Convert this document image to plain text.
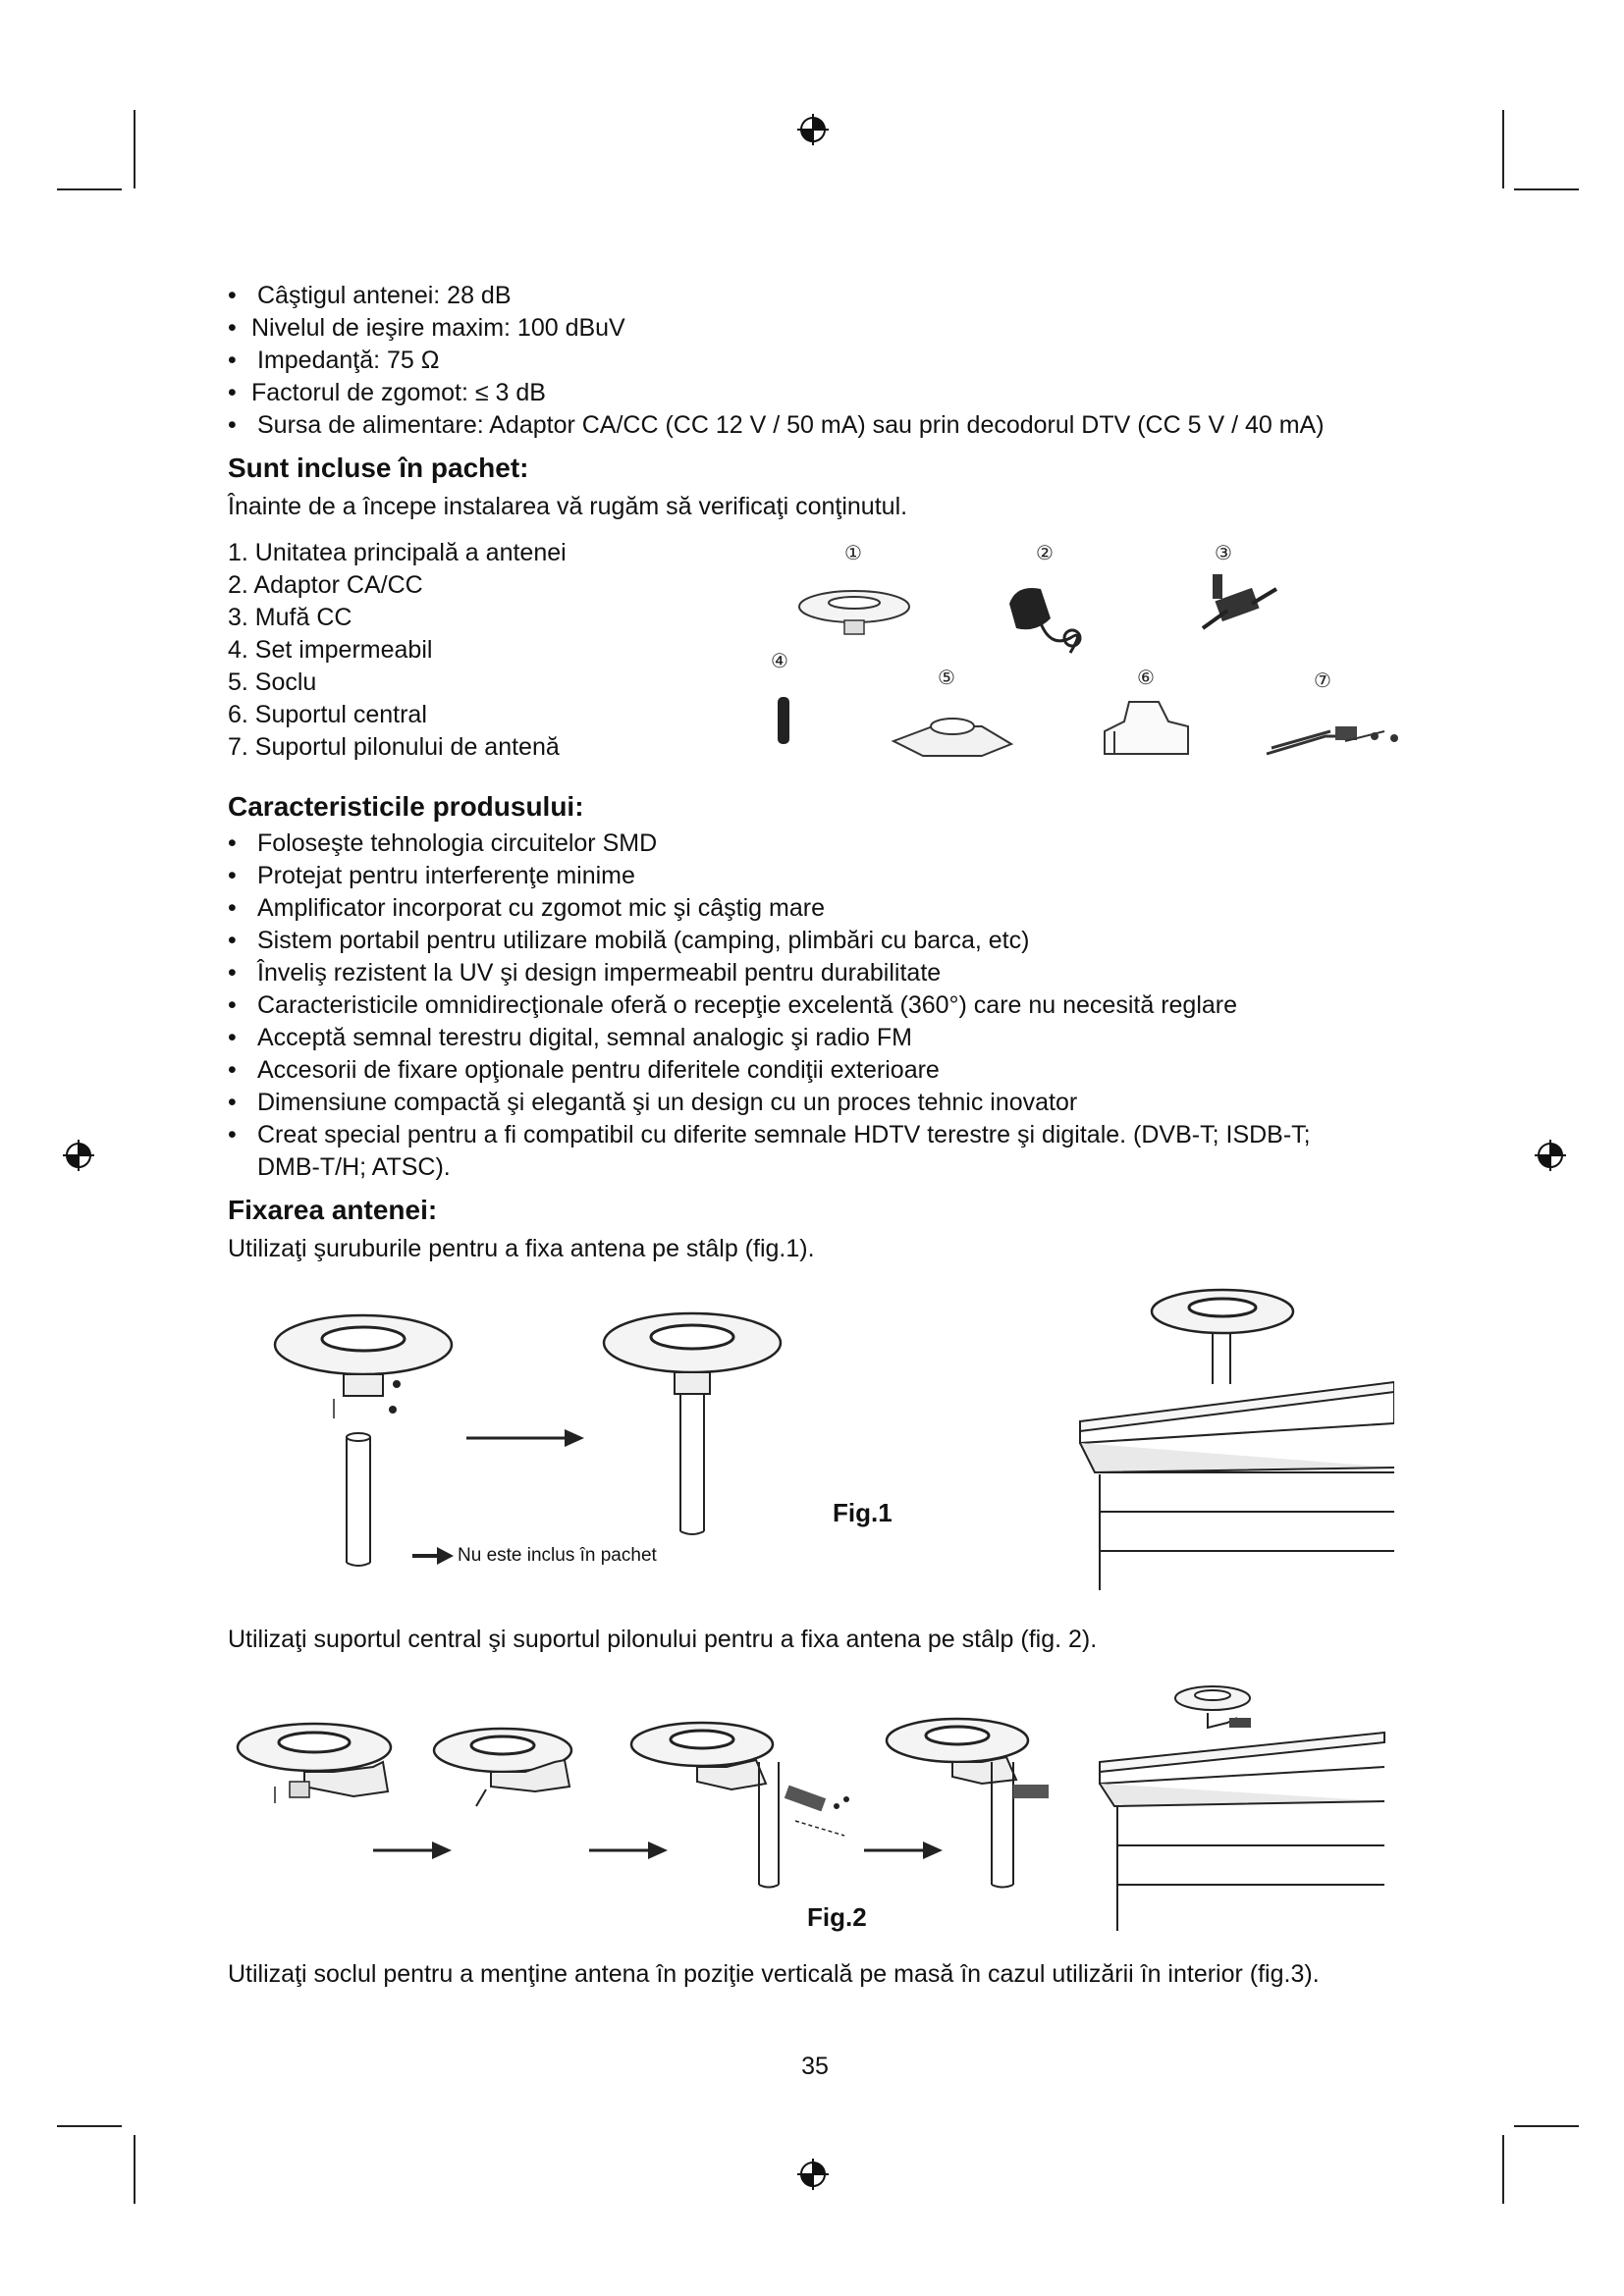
• Câştigul antenei: 28 dB
• Nivelul de ieşire maxim: 100 dBuV
• Impedanţă: 75 Ω
• Factorul de zgomot: ≤ 3 dB
• Sursa de alimentare: Adaptor CA/CC (CC 12 V / 50 mA) sau prin decodorul DTV (CC 5 V / 40 mA)
Sunt incluse în pachet:
Înainte de a începe instalarea vă rugăm să verificaţi conţinutul.
1. Unitatea principală a antenei
2. Adaptor CA/CC
3. Mufă CC
4. Set impermeabil
5. Soclu
6. Suportul central
7. Suportul pilonului de antenă
①	②	③
④
⑤	⑥	⑦
Caracteristicile produsului:
• Foloseşte tehnologia circuitelor SMD
• Protejat pentru interferenţe minime
• Amplificator incorporat cu zgomot mic şi câştig mare
• Sistem portabil pentru utilizare mobilă (camping, plimbări cu barca, etc)
• Înveliş rezistent la UV şi design impermeabil pentru durabilitate
• Caracteristicile omnidirecţionale oferă o recepţie excelentă (360°) care nu necesită reglare
• Acceptă semnal terestru digital, semnal analogic şi radio FM
• Accesorii de fixare opţionale pentru diferitele condiţii exterioare
• Dimensiune compactă şi elegantă şi un design cu un proces tehnic inovator
• Creat special pentru a fi compatibil cu diferite semnale HDTV terestre şi digitale. (DVB-T; ISDB-T;
DMB-T/H; ATSC).
Fixarea antenei:
Utilizaţi şuruburile pentru a fixa antena pe stâlp (fig.1).
Nu este inclus în pachet
Fig.1
Utilizaţi suportul central şi suportul pilonului pentru a fixa antena pe stâlp (fig. 2).
Fig.2
Utilizaţi soclul pentru a menţine antena în poziţie verticală pe masă în cazul utilizării în interior (fig.3).
35
